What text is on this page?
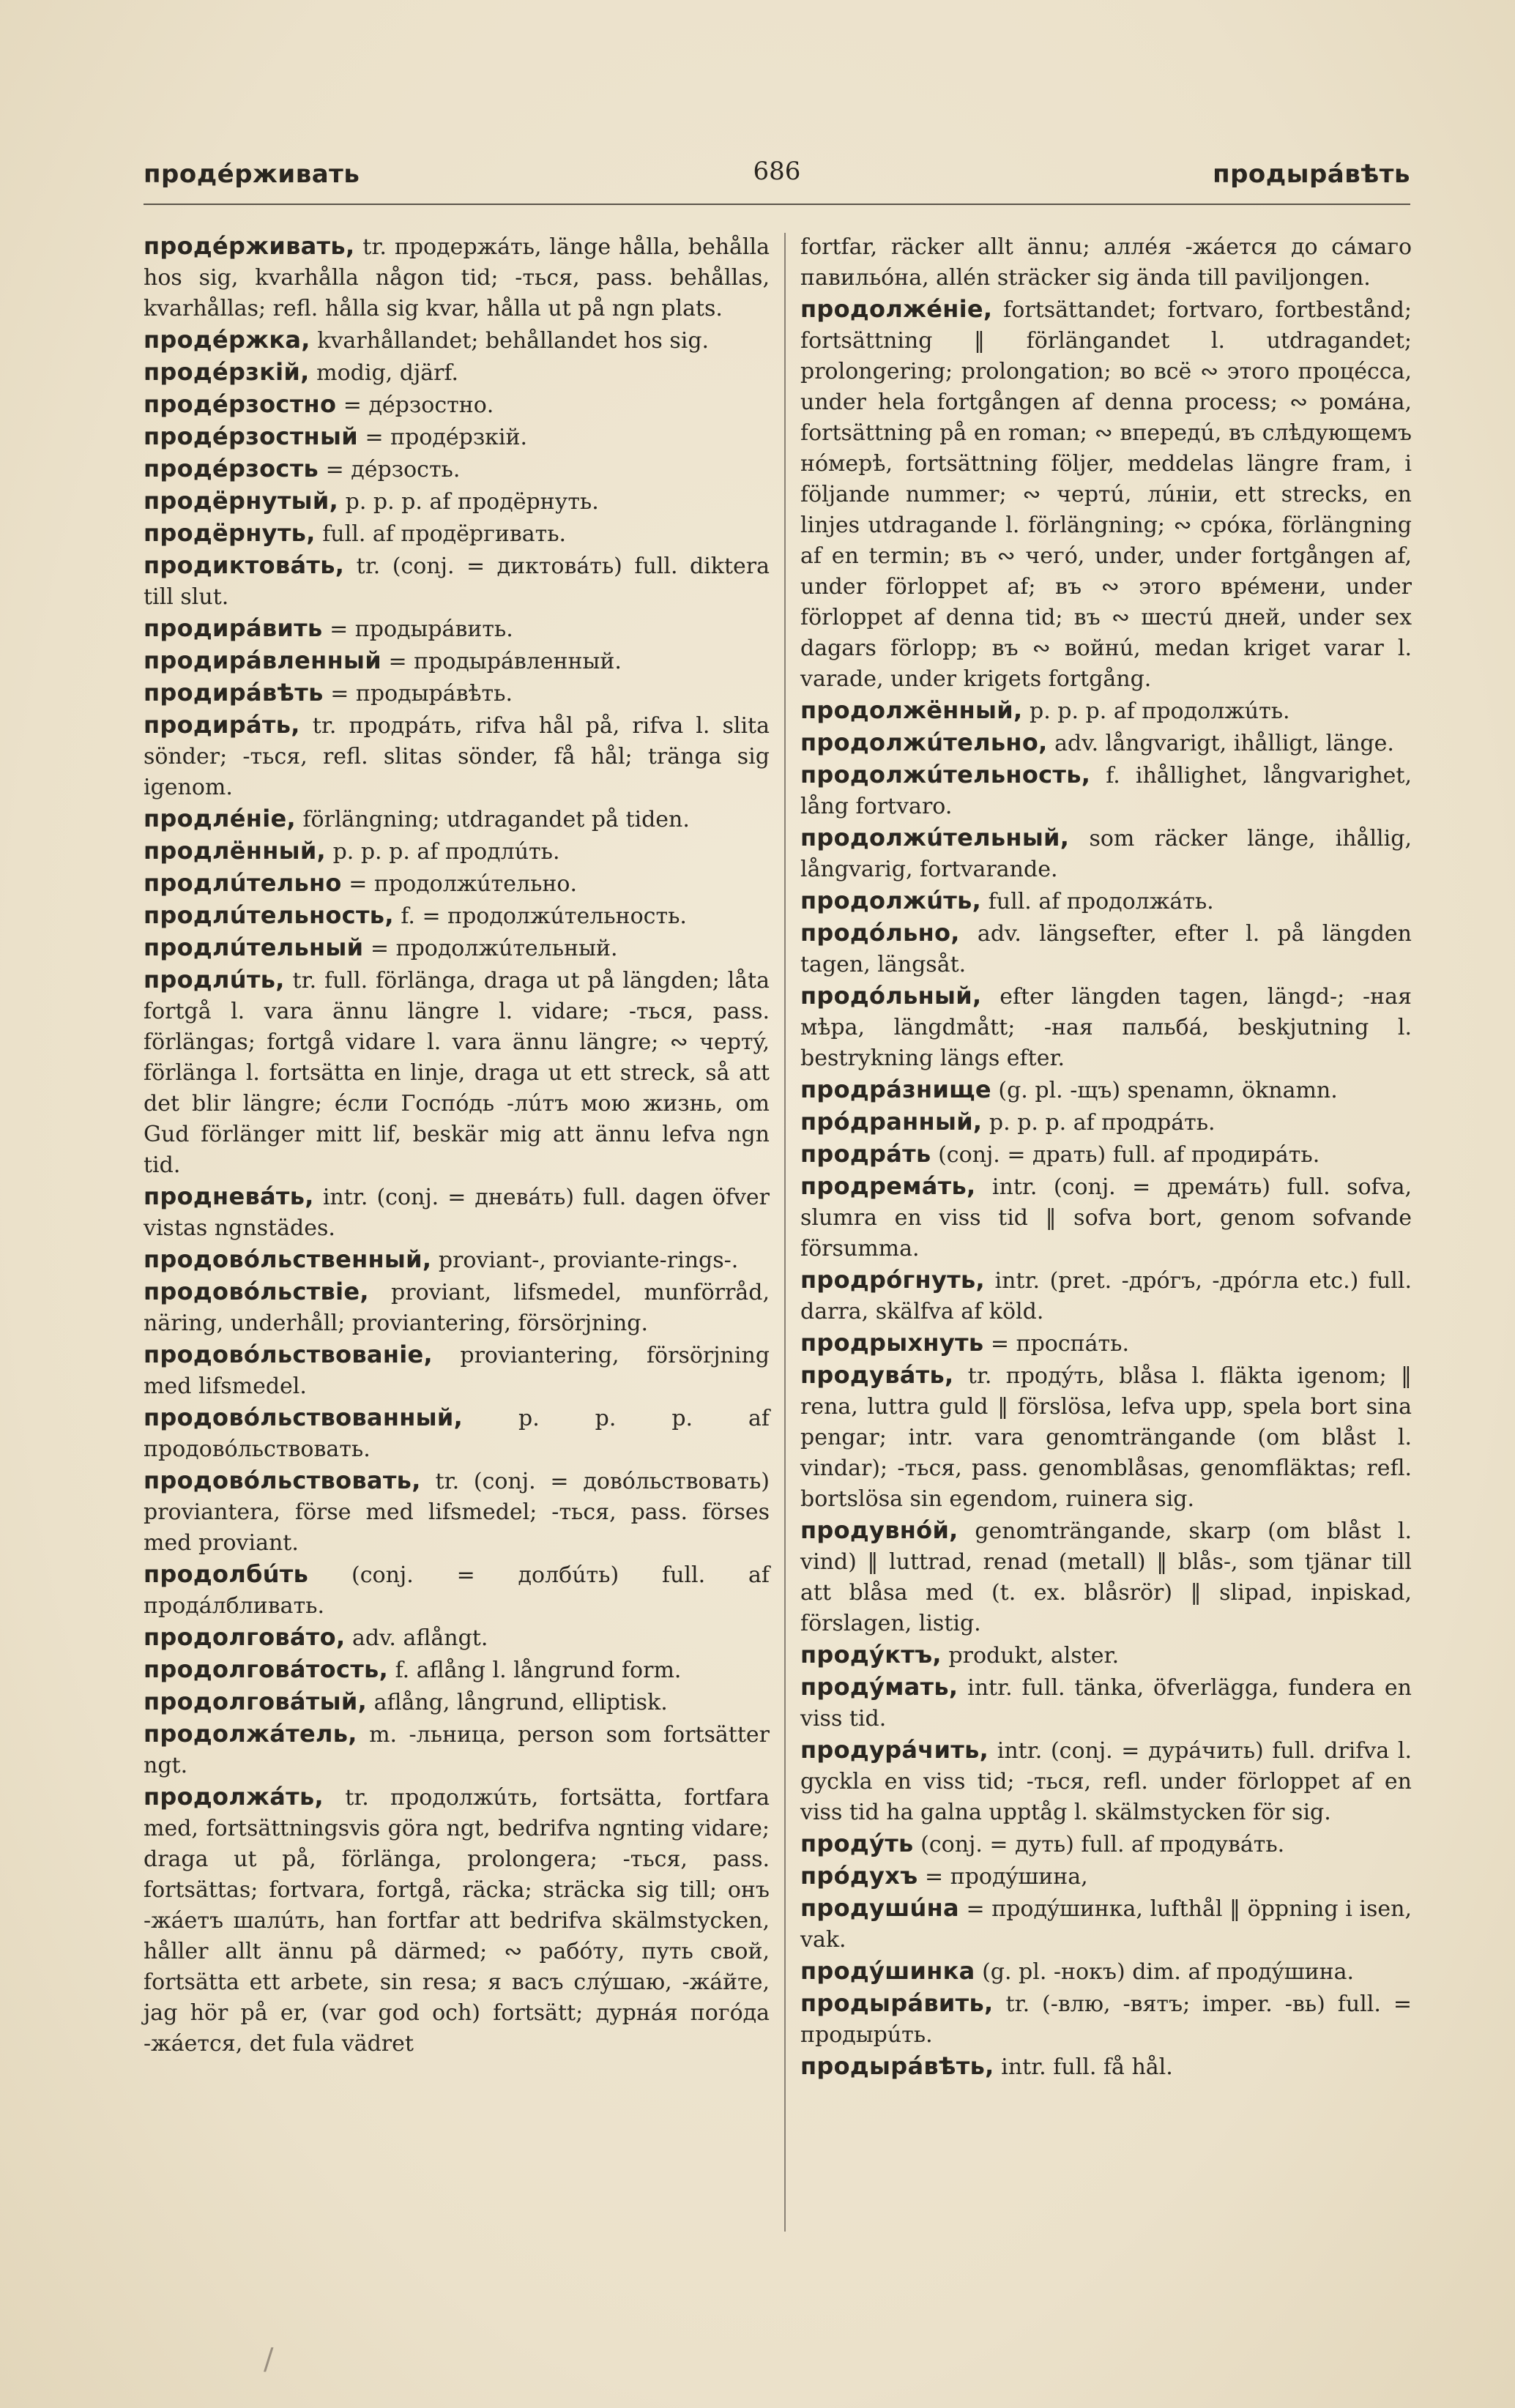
продéрживать	686	продырáвѣть

продéрживать, tr. продержáть, länge hålla, behålla hos sig, kvarhålla någon tid; -ться, pass. behållas, kvarhållas; refl. hålla sig kvar, hålla ut på ngn plats.

продéржка, kvarhållandet; behållandet hos sig.

продéрзкій, modig, djärf.

продéрзостно = дéрзостно.

продéрзостный = продéрзкій.

продéрзость = дéрзость.

продёрнутый, p. p. p. af продёрнуть.

продёрнуть, full. af продёргивать.

продиктовáть, tr. (conj. = диктовáть) full. diktera till slut.

продирáвить = продырáвить.

продирáвленный = продырáвленный.

продирáвѣть = продырáвѣть.

продирáть, tr. продрáть, rifva hål på, rifva l. slita sönder; -ться, refl. slitas sönder, få hål; tränga sig igenom.

продлéніе, förlängning; utdragandet på tiden.

продлённый, p. p. p. af продлúть.

продлúтельно = продолжúтельно.

продлúтельность, f. = продолжúтельность.

продлúтельный = продолжúтельный.

продлúть, tr. full. förlänga, draga ut på längden; låta fortgå l. vara ännu längre l. vidare; -ться, pass. förlängas; fortgå vidare l. vara ännu längre; ∾ чертý, förlänga l. fortsätta en linje, draga ut ett streck, så att det blir längre; éсли Госпóдь -лúтъ мою жизнь, om Gud förlänger mitt lif, beskär mig att ännu lefva ngn tid.

продневáть, intr. (conj. = дневáть) full. dagen öfver vistas ngnstädes.

продовóльственный, proviant-, proviante-rings-.

продовóльствіе, proviant, lifsmedel, munförråd, näring, underhåll; proviantering, försörjning.

продовóльствованіе, proviantering, försörjning med lifsmedel.

продовóльствованный, p. p. p. af продовóльствовать.

продовóльствовать, tr. (conj. = довóльствовать) proviantera, förse med lifsmedel; -ться, pass. förses med proviant.

продолбúть (conj. = долбúть) full. af продáлбливать.

продолговáто, adv. aflångt.

продолговáтость, f. aflång l. långrund form.

продолговáтый, aflång, långrund, elliptisk.

продолжáтель, m. -льница, person som fortsätter ngt.

продолжáть, tr. продолжúть, fortsätta, fortfara med, fortsättningsvis göra ngt, bedrifva ngnting vidare; draga ut på, förlänga, prolongera; -ться, pass. fortsättas; fortvara, fortgå, räcka; sträcka sig till; онъ -жáетъ шалúть, han fortfar att bedrifva skälmstycken, håller allt ännu på därmed; ∾ рабóту, путь свой, fortsätta ett arbete, sin resa; я васъ слýшаю, -жáйте, jag hör på er, (var god och) fortsätt; дурнáя погóда -жáется, det fula vädret

fortfar, räcker allt ännu; аллéя -жáется до сáмаго павильóна, allén sträcker sig ända till paviljongen.

продолжéніе, fortsättandet; fortvaro, fortbestånd; fortsättning ‖ förlängandet l. utdragandet; prolongering; prolongation; во всё ∾ этого процéсса, under hela fortgången af denna process; ∾ ромáна, fortsättning på en roman; ∾ впередú, въ слѣдующемъ нóмерѣ, fortsättning följer, meddelas längre fram, i följande nummer; ∾ чертú, лúніи, ett strecks, en linjes utdragande l. förlängning; ∾ срóка, förlängning af en termin; въ ∾ чегó, under, under fortgången af, under förloppet af; въ ∾ этого врéмени, under förloppet af denna tid; въ ∾ шестú дней, under sex dagars förlopp; въ ∾ войнú, medan kriget varar l. varade, under krigets fortgång.

продолжённый, p. p. p. af продолжúть.

продолжúтельно, adv. långvarigt, ihålligt, länge.

продолжúтельность, f. ihållighet, långvarighet, lång fortvaro.

продолжúтельный, som räcker länge, ihållig, långvarig, fortvarande.

продолжúть, full. af продолжáть.

продóльно, adv. längsefter, efter l. på längden tagen, längsåt.

продóльный, efter längden tagen, längd-; -ная мѣра, längdmått; -ная пальбá, beskjutning l. bestrykning längs efter.

продрáзнище (g. pl. -щъ) spenamn, öknamn.

прóдранный, p. p. p. af продрáть.

продрáть (conj. = драть) full. af продирáть.

продремáть, intr. (conj. = дремáть) full. sofva, slumra en viss tid ‖ sofva bort, genom sofvande försumma.

продрóгнуть, intr. (pret. -дрóгъ, -дрóгла etc.) full. darra, skälfva af köld.

продрыхнуть = проспáть.

продувáть, tr. продýть, blåsa l. fläkta igenom; ‖ rena, luttra guld ‖ förslösa, lefva upp, spela bort sina pengar; intr. vara genomträngande (om blåst l. vindar); -ться, pass. genomblåsas, genomfläktas; refl. bortslösa sin egendom, ruinera sig.

продувнóй, genomträngande, skarp (om blåst l. vind) ‖ luttrad, renad (metall) ‖ blås-, som tjänar till att blåsa med (t. ex. blåsrör) ‖ slipad, inpiskad, förslagen, listig.

продýктъ, produkt, alster.

продýмать, intr. full. tänka, öfverlägga, fundera en viss tid.

продурáчить, intr. (conj. = дурáчить) full. drifva l. gyckla en viss tid; -ться, refl. under förloppet af en viss tid ha galna upptåg l. skälmstycken för sig.

продýть (conj. = дуть) full. af продувáть.

прóдухъ = продýшина,

продушúна = продýшинка, lufthål ‖ öppning i isen, vak.

продýшинка (g. pl. -нокъ) dim. af продýшина.

продырáвить, tr. (-влю, -вятъ; imper. -вь) full. = продырúть.

продырáвѣть, intr. full. få hål.

/
